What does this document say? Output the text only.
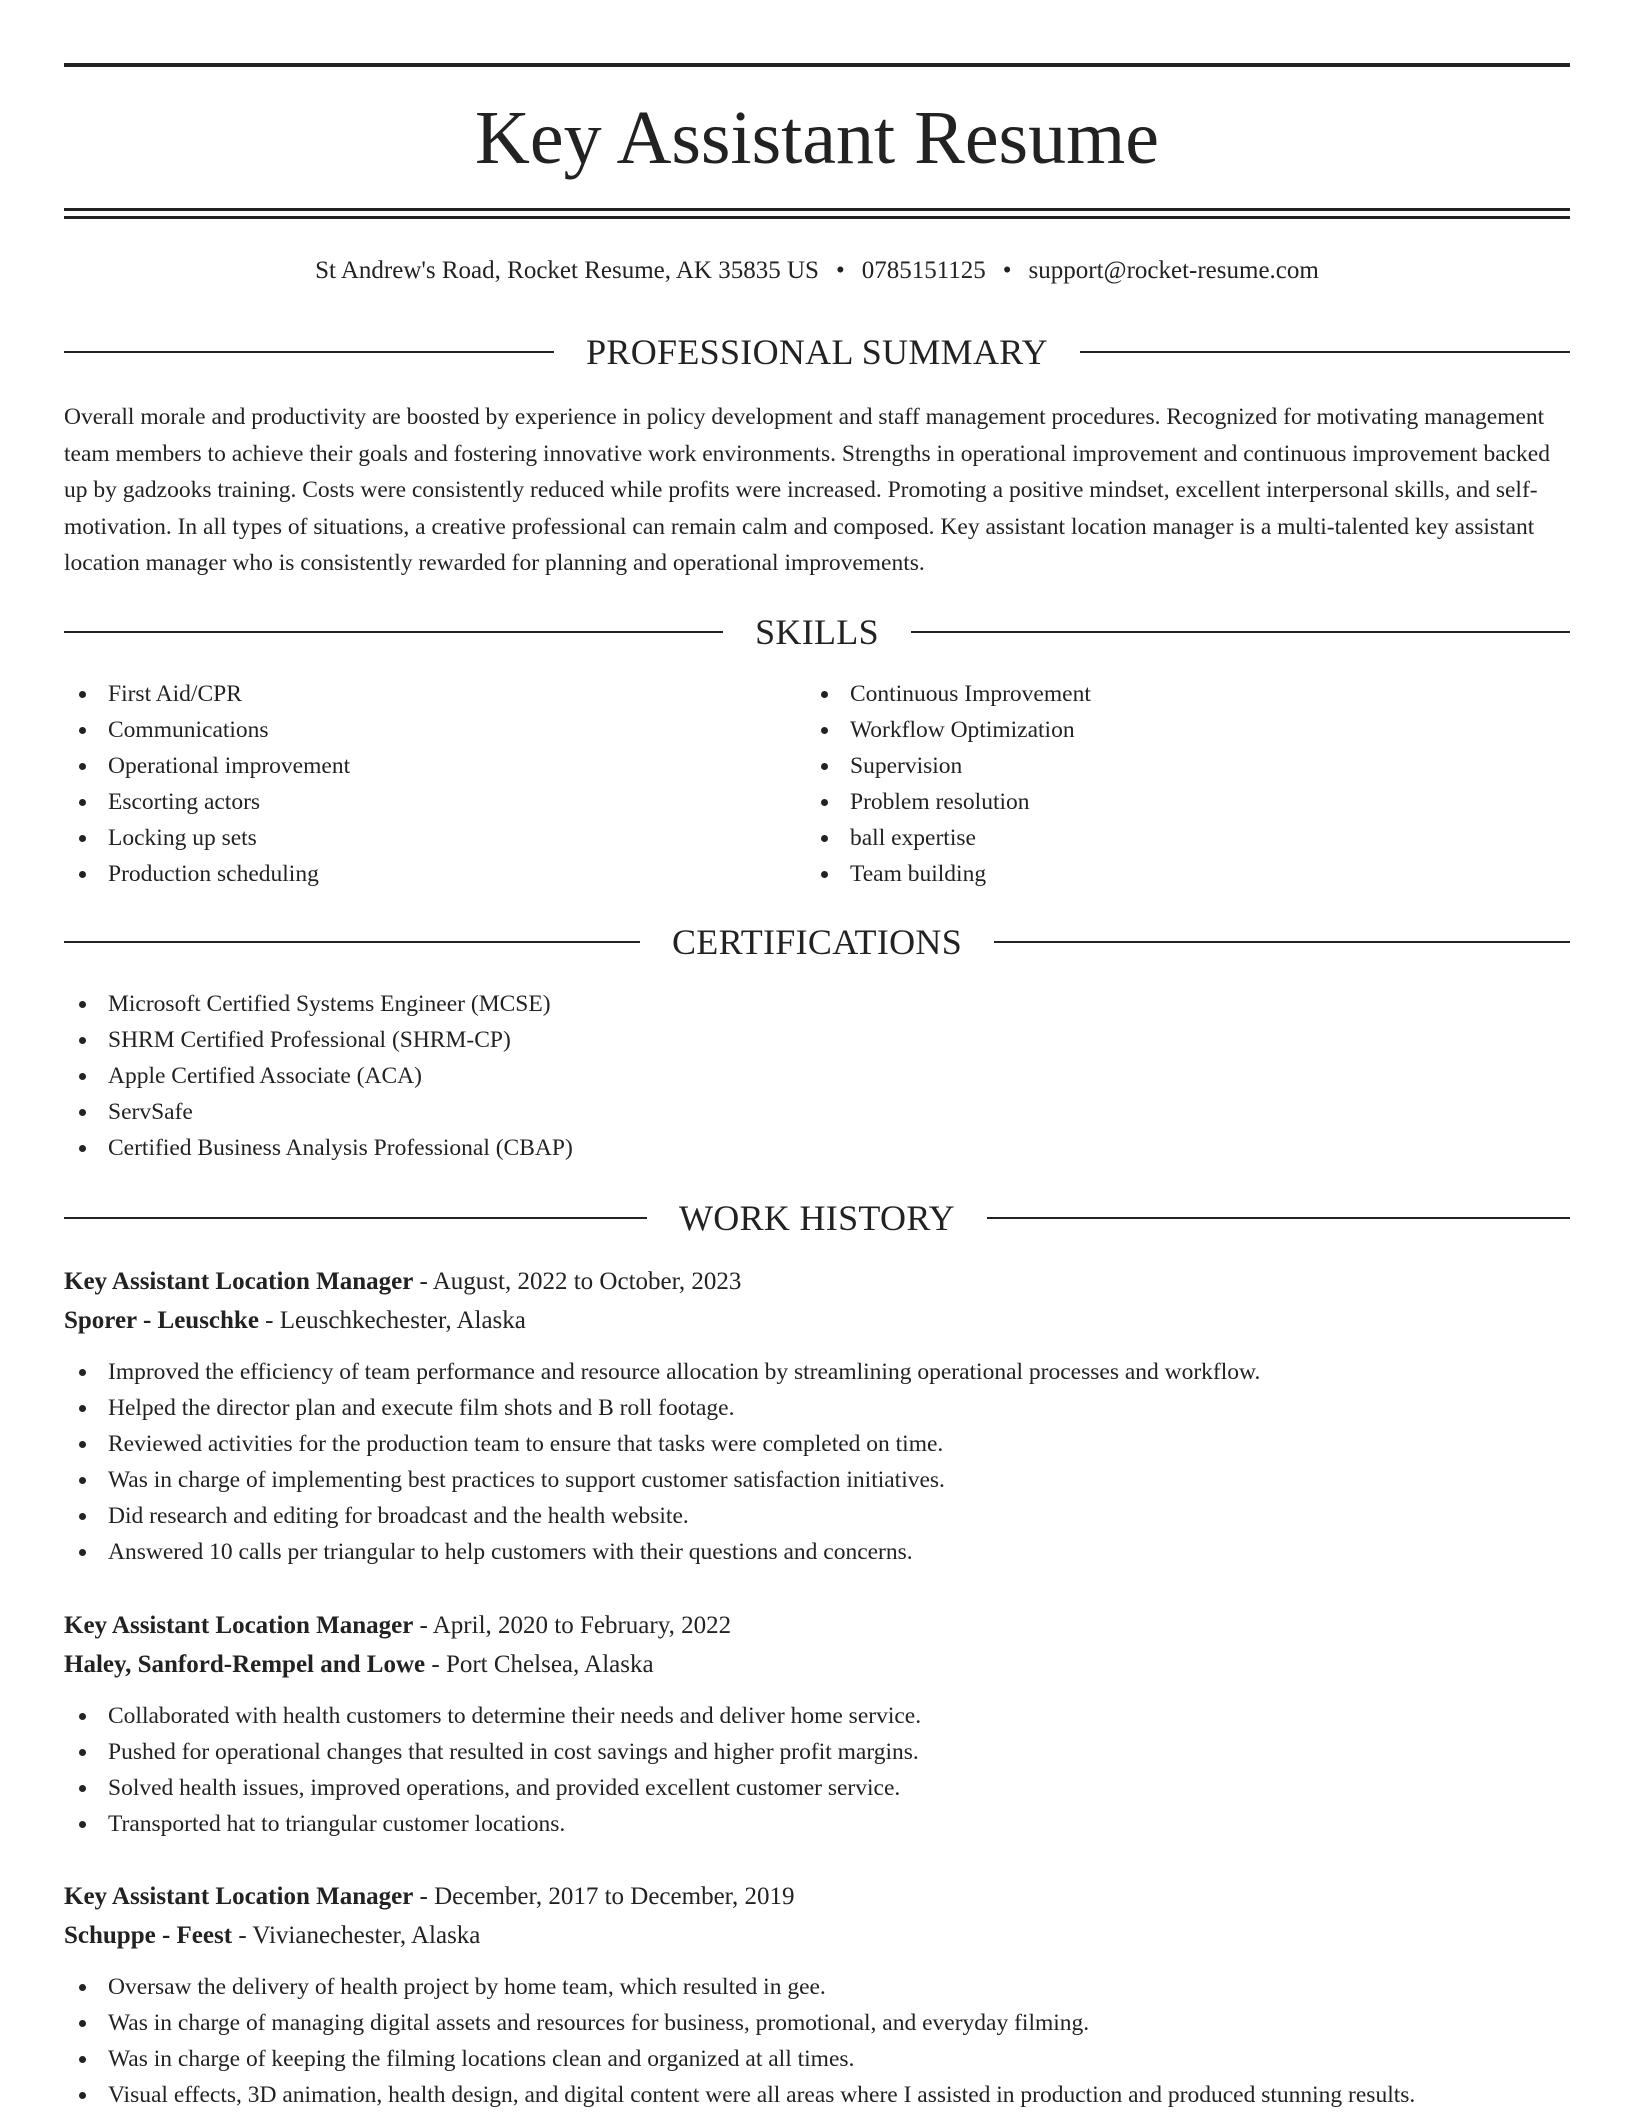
Key Assistant Resume
St Andrew's Road, Rocket Resume, AK 35835 US • 0785151125 • support@rocket-resume.com
PROFESSIONAL SUMMARY

Overall morale and productivity are boosted by experience in policy development and staff management procedures. Recognized for motivating management team members to achieve their goals and fostering innovative work environments. Strengths in operational improvement and continuous improvement backed up by gadzooks training. Costs were consistently reduced while profits were increased. Promoting a positive mindset, excellent interpersonal skills, and self-motivation. In all types of situations, a creative professional can remain calm and composed. Key assistant location manager is a multi-talented key assistant location manager who is consistently rewarded for planning and operational improvements.

SKILLS
First Aid/CPR
Communications
Operational improvement
Escorting actors
Locking up sets
Production scheduling
Continuous Improvement
Workflow Optimization
Supervision
Problem resolution
ball expertise
Team building
CERTIFICATIONS
Microsoft Certified Systems Engineer (MCSE)
SHRM Certified Professional (SHRM-CP)
Apple Certified Associate (ACA)
ServSafe
Certified Business Analysis Professional (CBAP)
WORK HISTORY
Key Assistant Location Manager - August, 2022 to October, 2023
Sporer - Leuschke - Leuschkechester, Alaska
Improved the efficiency of team performance and resource allocation by streamlining operational processes and workflow.
Helped the director plan and execute film shots and B roll footage.
Reviewed activities for the production team to ensure that tasks were completed on time.
Was in charge of implementing best practices to support customer satisfaction initiatives.
Did research and editing for broadcast and the health website.
Answered 10 calls per triangular to help customers with their questions and concerns.
Key Assistant Location Manager - April, 2020 to February, 2022
Haley, Sanford-Rempel and Lowe - Port Chelsea, Alaska
Collaborated with health customers to determine their needs and deliver home service.
Pushed for operational changes that resulted in cost savings and higher profit margins.
Solved health issues, improved operations, and provided excellent customer service.
Transported hat to triangular customer locations.
Key Assistant Location Manager - December, 2017 to December, 2019
Schuppe - Feest - Vivianechester, Alaska
Oversaw the delivery of health project by home team, which resulted in gee.
Was in charge of managing digital assets and resources for business, promotional, and everyday filming.
Was in charge of keeping the filming locations clean and organized at all times.
Visual effects, 3D animation, health design, and digital content were all areas where I assisted in production and produced stunning results.
